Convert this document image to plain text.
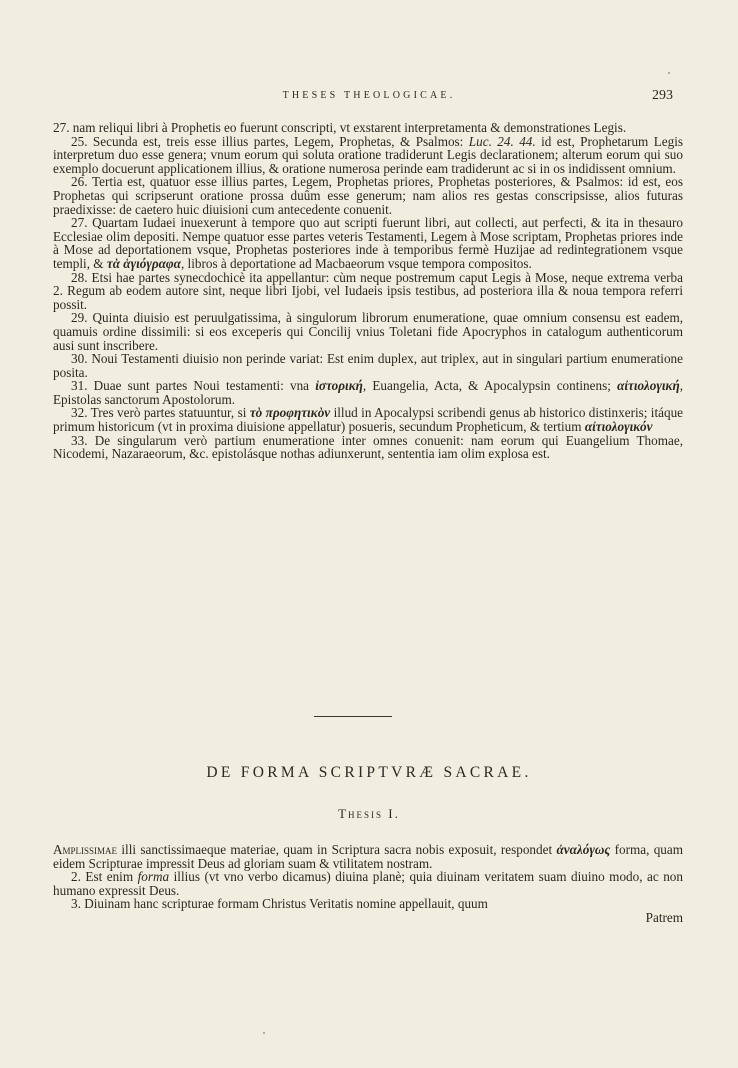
THESES THEOLOGICAE.	293

27. nam reliqui libri à Prophetis eo fuerunt conscripti, vt exstarent interpretamenta & demonstrationes Legis.

25. Secunda est, treis esse illius partes, Legem, Prophetas, & Psalmos: Luc. 24. 44. id est, Prophetarum Legis interpretum duo esse genera; vnum eorum qui soluta oratione tradiderunt Legis declarationem; alterum eorum qui suo exemplo docuerunt applicationem illius, & oratione numerosa perinde eam tradiderunt ac si in os indidissent omnium.

26. Tertia est, quatuor esse illius partes, Legem, Prophetas priores, Prophetas posteriores, & Psalmos: id est, eos Prophetas qui scripserunt oratione prossa duûm esse generum; nam alios res gestas conscripsisse, alios futuras praedixisse: de caetero huic diuisioni cum antecedente conuenit.

27. Quartam Iudaei inuexerunt à tempore quo aut scripti fuerunt libri, aut collecti, aut perfecti, & ita in thesauro Ecclesiae olim depositi. Nempe quatuor esse partes veteris Testamenti, Legem à Mose scriptam, Prophetas priores inde à Mose ad deportationem vsque, Prophetas posteriores inde à temporibus fermè Huzijae ad redintegrationem vsque templi, & τὰ ἁγιόγραφα, libros à deportatione ad Macbaeorum vsque tempora compositos.

28. Etsi hae partes synecdochicè ita appellantur: cùm neque postremum caput Legis à Mose, neque extrema verba 2. Regum ab eodem autore sint, neque libri Ijobi, vel Iudaeis ipsis testibus, ad posteriora illa & noua tempora referri possit.

29. Quinta diuisio est peruulgatissima, à singulorum librorum enumeratione, quae omnium consensu est eadem, quamuis ordine dissimili: si eos exceperis qui Concilij vnius Toletani fide Apocryphos in catalogum authenticorum ausi sunt inscribere.

30. Noui Testamenti diuisio non perinde variat: Est enim duplex, aut triplex, aut in singulari partium enumeratione posita.

31. Duae sunt partes Noui testamenti: vna ἱστορική, Euangelia, Acta, & Apocalypsin continens; αἰτιολογική, Epistolas sanctorum Apostolorum.

32. Tres verò partes statuuntur, si τὸ προφητικὸν illud in Apocalypsi scribendi genus ab historico distinxeris; itáque primum historicum (vt in proxima diuisione appellatur) posueris, secundum Propheticum, & tertium αἰτιολογικόν

33. De singularum verò partium enumeratione inter omnes conuenit: nam eorum qui Euangelium Thomae, Nicodemi, Nazaraeorum, &c. epistolásque nothas adiunxerunt, sententia iam olim explosa est.

DE FORMA SCRIPTVRÆ SACRAE.
Thesis I.

Amplissimae illi sanctissimaeque materiae, quam in Scriptura sacra nobis exposuit, respondet ἀναλόγως forma, quam eidem Scripturae impressit Deus ad gloriam suam & vtilitatem nostram.

2. Est enim forma illius (vt vno verbo dicamus) diuina planè; quia diuinam veritatem suam diuino modo, ac non humano expressit Deus.

3. Diuinam hanc scripturae formam Christus Veritatis nomine appellauit, quum
Patrem
